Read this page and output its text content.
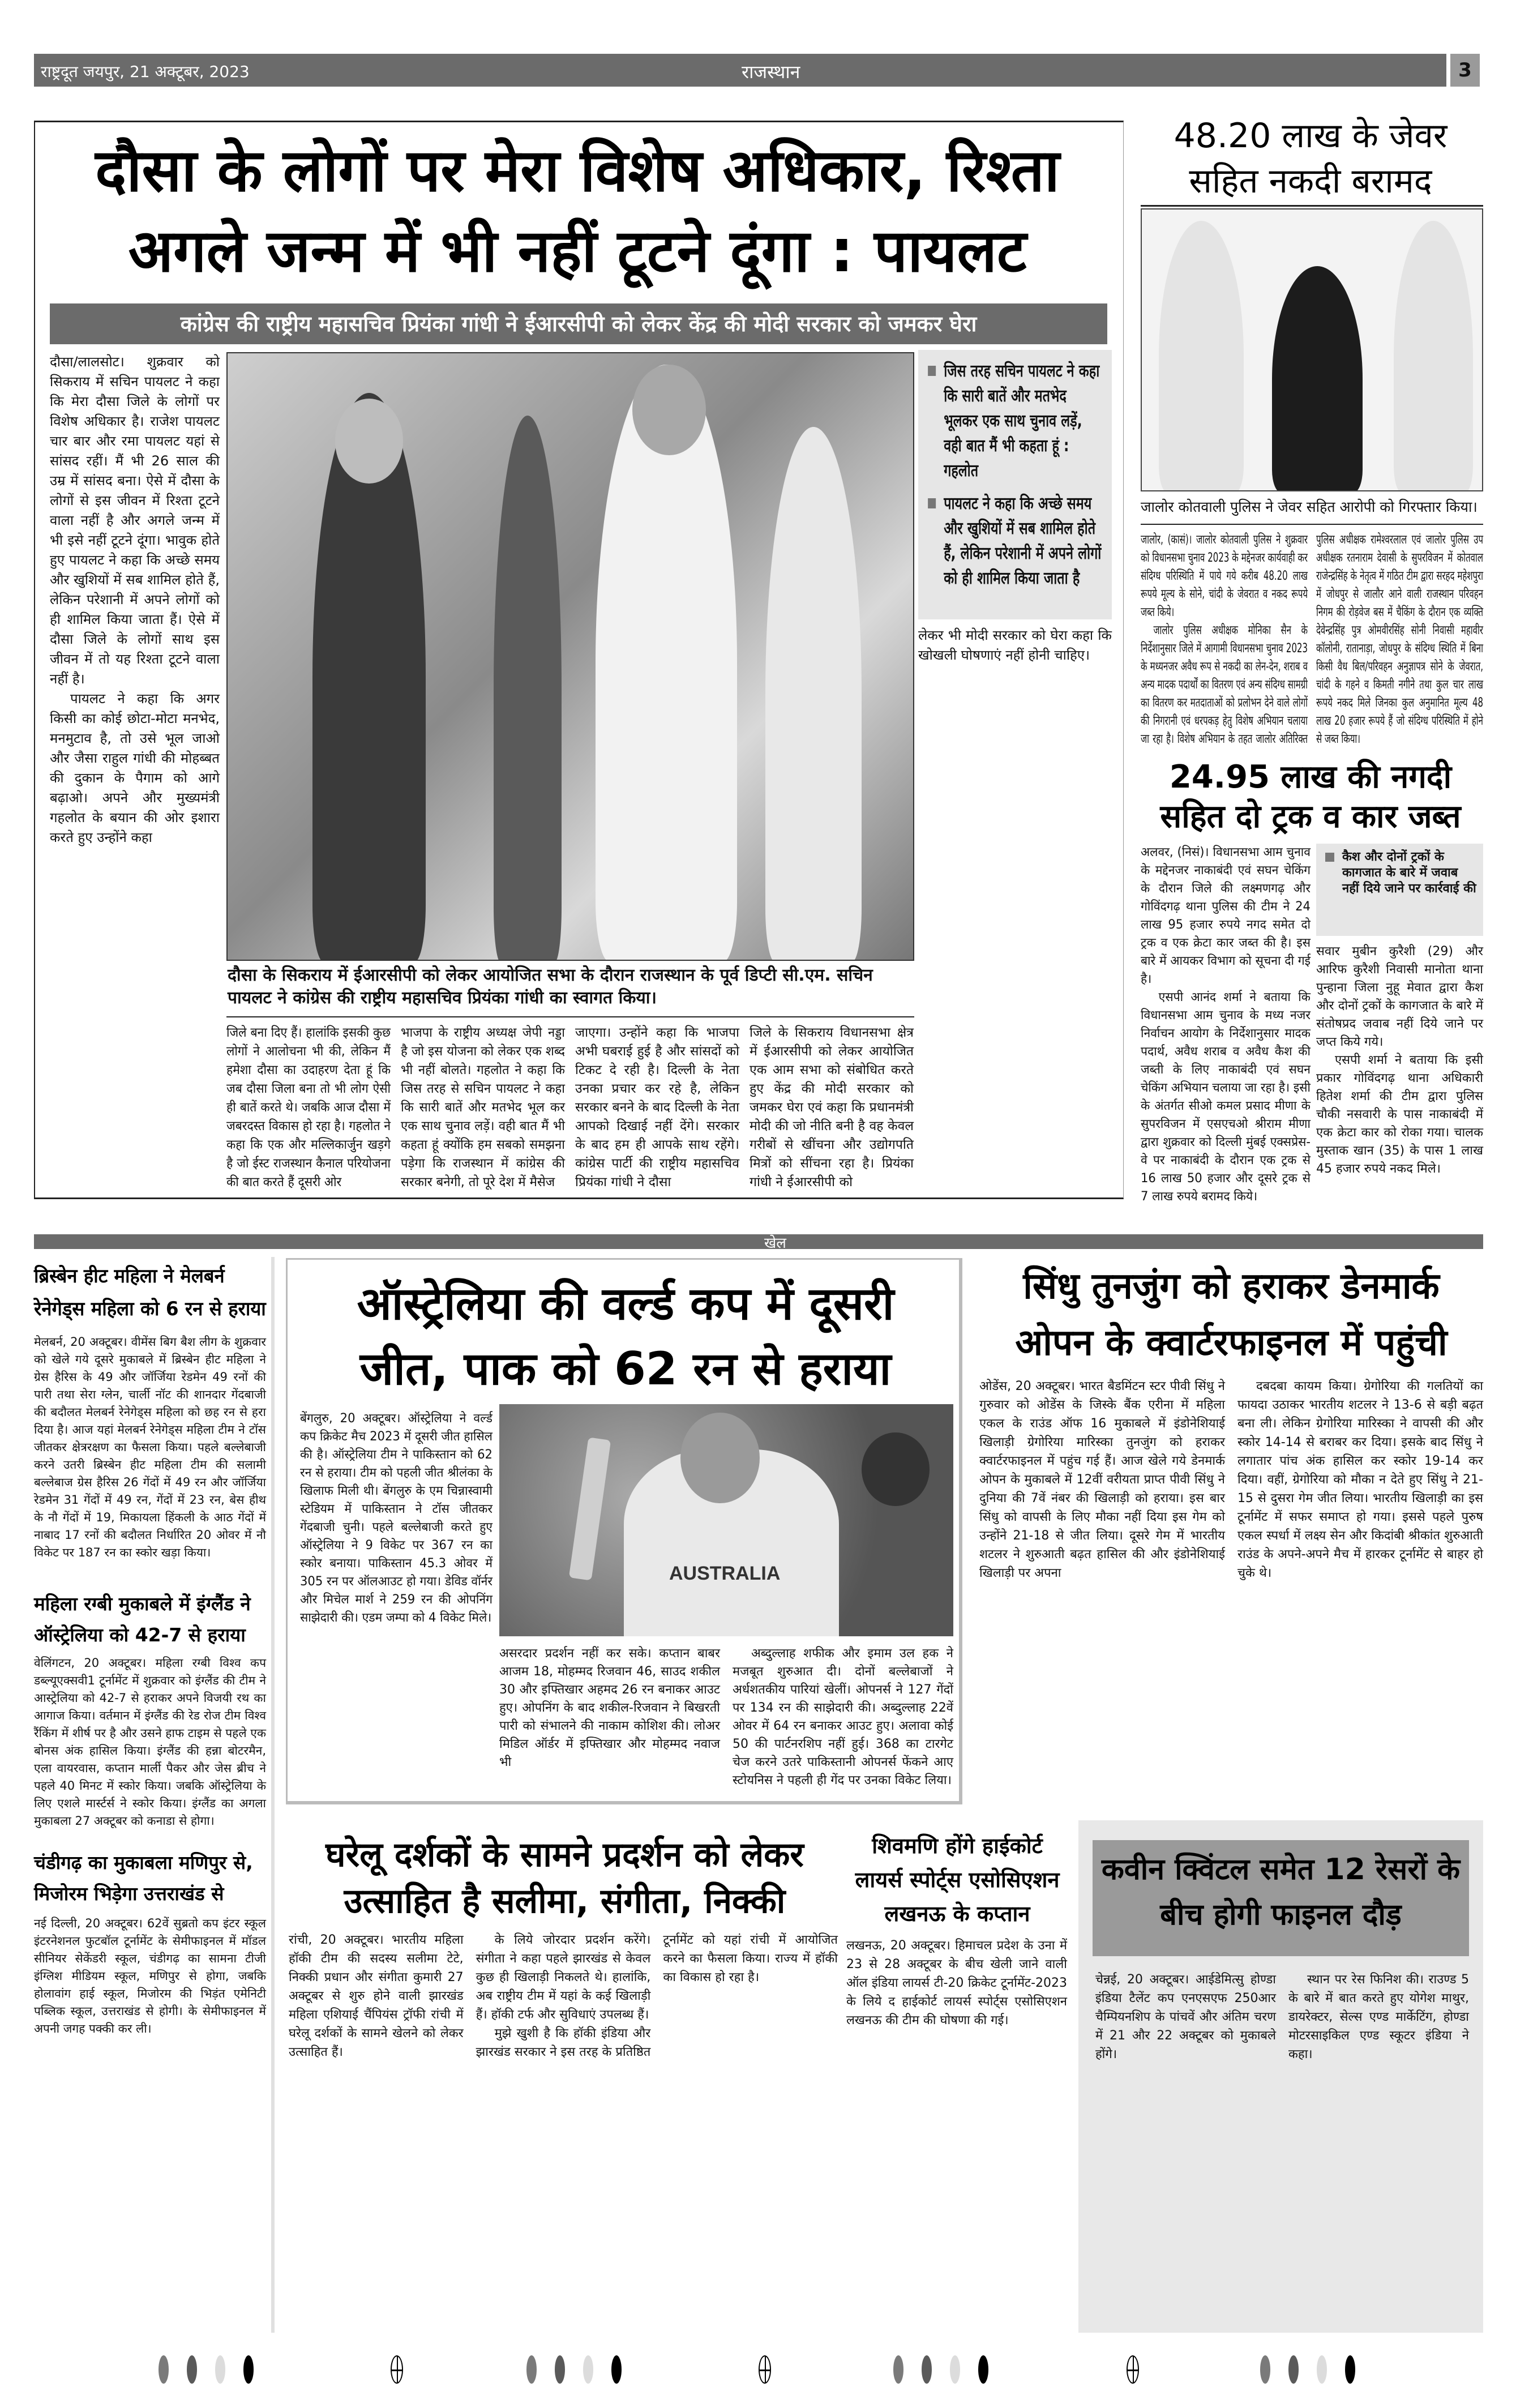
राष्ट्रदूत जयपुर, 21 अक्टूबर, 2023	राजस्थान	3
दौसा के लोगों पर मेरा विशेष अधिकार, रिश्ता अगले जन्म में भी नहीं टूटने दूंगा : पायलट
कांग्रेस की राष्ट्रीय महासचिव प्रियंका गांधी ने ईआरसीपी को लेकर केंद्र की मोदी सरकार को जमकर घेरा

दौसा/लालसोट। शुक्रवार को सिकराय में सचिन पायलट ने कहा कि मेरा दौसा जिले के लोगों पर विशेष अधिकार है। राजेश पायलट चार बार और रमा पायलट यहां से सांसद रहीं। मैं भी 26 साल की उम्र में सांसद बना। ऐसे में दौसा के लोगों से इस जीवन में रिश्ता टूटने वाला नहीं है और अगले जन्म में भी इसे नहीं टूटने दूंगा। भावुक होते हुए पायलट ने कहा कि अच्छे समय और खुशियों में सब शामिल होते हैं, लेकिन परेशानी में अपने लोगों को ही शामिल किया जाता हैं। ऐसे में दौसा जिले के लोगों साथ इस जीवन में तो यह रिश्ता टूटने वाला नहीं है।

पायलट ने कहा कि अगर किसी का कोई छोटा-मोटा मनभेद, मनमुटाव है, तो उसे भूल जाओ और जैसा राहुल गांधी की मोहब्बत की दुकान के पैगाम को आगे बढ़ाओ। अपने और मुख्यमंत्री गहलोत के बयान की ओर इशारा करते हुए उन्होंने कहा

दौसा के सिकराय में ईआरसीपी को लेकर आयोजित सभा के दौरान राजस्थान के पूर्व डिप्टी सी.एम. सचिन पायलट ने कांग्रेस की राष्ट्रीय महासचिव प्रियंका गांधी का स्वागत किया।
जिस तरह सचिन पायलट ने कहा कि सारी बातें और मतभेद भूलकर एक साथ चुनाव लड़ें, वही बात मैं भी कहता हूं : गहलोत
पायलट ने कहा कि अच्छे समय और खुशियों में सब शामिल होते हैं, लेकिन परेशानी में अपने लोगों को ही शामिल किया जाता है

लेकर भी मोदी सरकार को घेरा कहा कि खोखली घोषणाएं नहीं होनी चाहिए।

जिले बना दिए हैं। हालांकि इसकी कुछ लोगों ने आलोचना भी की, लेकिन मैं हमेशा दौसा का उदाहरण देता हूं कि जब दौसा जिला बना तो भी लोग ऐसी ही बातें करते थे। जबकि आज दौसा में जबरदस्त विकास हो रहा है। गहलोत ने कहा कि एक और मल्लिकार्जुन खड़गे है जो ईस्ट राजस्थान कैनाल परियोजना की बात करते हैं दूसरी ओर

भाजपा के राष्ट्रीय अध्यक्ष जेपी नड्डा है जो इस योजना को लेकर एक शब्द भी नहीं बोलते। गहलोत ने कहा कि जिस तरह से सचिन पायलट ने कहा कि सारी बातें और मतभेद भूल कर एक साथ चुनाव लड़ें। वही बात मैं भी कहता हूं क्योंकि हम सबको समझना पड़ेगा कि राजस्थान में कांग्रेस की सरकार बनेगी, तो पूरे देश में मैसेज

जाएगा। उन्होंने कहा कि भाजपा अभी घबराई हुई है और सांसदों को टिकट दे रही है। दिल्ली के नेता उनका प्रचार कर रहे है, लेकिन सरकार बनने के बाद दिल्ली के नेता आपको दिखाई नहीं देंगे। सरकार के बाद हम ही आपके साथ रहेंगे। कांग्रेस पार्टी की राष्ट्रीय महासचिव प्रियंका गांधी ने दौसा

जिले के सिकराय विधानसभा क्षेत्र में ईआरसीपी को लेकर आयोजित एक आम सभा को संबोधित करते हुए केंद्र की मोदी सरकार को जमकर घेरा एवं कहा कि प्रधानमंत्री मोदी की जो नीति बनी है वह केवल गरीबों से खींचना और उद्योगपति मित्रों को सींचना रहा है। प्रियंका गांधी ने ईआरसीपी को

48.20 लाख के जेवर सहित नकदी बरामद
जालोर कोतवाली पुलिस ने जेवर सहित आरोपी को गिरफ्तार किया।

जालोर, (कासं)। जालोर कोतवाली पुलिस ने शुक्रवार को विधानसभा चुनाव 2023 के मद्देनजर कार्यवाही कर संदिग्ध परिस्थिति में पाये गये करीब 48.20 लाख रूपये मूल्य के सोने, चांदी के जेवरात व नकद रूपये जब्त किये।

जालोर पुलिस अधीक्षक मोनिका सैन के निर्देशानुसार जिले में आगामी विधानसभा चुनाव 2023 के मध्यनजर अवैध रूप से नकदी का लेन-देन, शराब व अन्य मादक पदार्थों का वितरण एवं अन्य संदिग्ध सामग्री का वितरण कर मतदाताओं को प्रलोभन देने वाले लोगों की निगरानी एवं धरपकड़ हेतु विशेष अभियान चलाया जा रहा है। विशेष अभियान के तहत जालोर अतिरिक्त पुलिस अधीक्षक रामेश्वरलाल एवं जालोर पुलिस उप अधीक्षक रतनाराम देवासी के सुपरविजन में कोतवाल राजेन्द्रसिंह के नेतृत्व में गठित टीम द्वारा सरहद महेशपुरा में जोधपुर से जालौर आने वाली राजस्थान परिवहन निगम की रोड़वेज बस में चैकिंग के दौरान एक व्यक्ति देवेन्द्रसिंह पुत्र ओमवीरसिंह सोनी निवासी महावीर कॉलोनी, रातानाड़ा, जोधपुर के संदिग्ध स्थिति में बिना किसी वैध बिल/परिवहन अनुज्ञापत्र सोने के जेवरात, चांदी के गहने व किमती नगीने तथा कुल चार लाख रूपये नकद मिले जिनका कुल अनुमानित मूल्य 48 लाख 20 हजार रूपये हैं जो संदिग्ध परिस्थिति में होने से जब्त किया।

24.95 लाख की नगदी सहित दो ट्रक व कार जब्त

अलवर, (निसं)। विधानसभा आम चुनाव के मद्देनजर नाकाबंदी एवं सघन चेकिंग के दौरान जिले की लक्ष्मणगढ़ और गोविंदगढ़ थाना पुलिस की टीम ने 24 लाख 95 हजार रुपये नगद समेत दो ट्रक व एक क्रेटा कार जब्त की है। इस बारे में आयकर विभाग को सूचना दी गई है।

एसपी आनंद शर्मा ने बताया कि विधानसभा आम चुनाव के मध्य नजर निर्वाचन आयोग के निर्देशानुसार मादक पदार्थ, अवैध शराब व अवैध कैश की जब्ती के लिए नाकाबंदी एवं सघन चेकिंग अभियान चलाया जा रहा है। इसी के अंतर्गत सीओ कमल प्रसाद मीणा के सुपरविजन में एसएचओ श्रीराम मीणा द्वारा शुक्रवार को दिल्ली मुंबई एक्सप्रेस-वे पर नाकाबंदी के दौरान एक ट्रक से 16 लाख 50 हजार और दूसरे ट्रक से 7 लाख रुपये बरामद किये।

कैश और दोनों ट्रकों के कागजात के बारे में जवाब नहीं दिये जाने पर कार्रवाई की

सवार मुबीन कुरैशी (29) और आरिफ कुरैशी निवासी मानोता थाना पुन्हाना जिला नुहू मेवात द्वारा कैश और दोनों ट्रकों के कागजात के बारे में संतोषप्रद जवाब नहीं दिये जाने पर जप्त किये गये।

एसपी शर्मा ने बताया कि इसी प्रकार गोविंदगढ़ थाना अधिकारी हितेश शर्मा की टीम द्वारा पुलिस चौकी नसवारी के पास नाकाबंदी में एक क्रेटा कार को रोका गया। चालक मुस्ताक खान (35) के पास 1 लाख 45 हजार रुपये नकद मिले।

खेल
ब्रिस्बेन हीट महिला ने मेलबर्न रेनेगेड्स महिला को 6 रन से हराया

मेलबर्न, 20 अक्टूबर। वीमेंस बिग बैश लीग के शुक्रवार को खेले गये दूसरे मुकाबले में ब्रिस्बेन हीट महिला ने ग्रेस हैरिस के 49 और जॉर्जिया रेडमेन 49 रनों की पारी तथा सेरा ग्लेन, चार्ली नॉट की शानदार गेंदबाजी की बदौलत मेलबर्न रेनेगेड्स महिला को छह रन से हरा दिया है। आज यहां मेलबर्न रेनेगेड्स महिला टीम ने टॉस जीतकर क्षेत्ररक्षण का फैसला किया। पहले बल्लेबाजी करने उतरी ब्रिस्बेन हीट महिला टीम की सलामी बल्लेबाज ग्रेस हैरिस 26 गेंदों में 49 रन और जॉर्जिया रेडमेन 31 गेंदों में 49 रन, गेंदों में 23 रन, बेस हीथ के नौ गेंदों में 19, मिकायला हिंकली के आठ गेंदों में नाबाद 17 रनों की बदौलत निर्धारित 20 ओवर में नौ विकेट पर 187 रन का स्कोर खड़ा किया।

महिला रग्बी मुकाबले में इंग्लैंड ने ऑस्ट्रेलिया को 42-7 से हराया

वेलिंगटन, 20 अक्टूबर। महिला रग्बी विश्व कप डब्ल्यूएक्सवी1 टूर्नामेंट में शुक्रवार को इंग्लैंड की टीम ने आस्ट्रेलिया को 42-7 से हराकर अपने विजयी रथ का आगाज किया। वर्तमान में इंग्लैंड की रेड रोज टीम विश्व रैंकिंग में शीर्ष पर है और उसने हाफ टाइम से पहले एक बोनस अंक हासिल किया। इंग्लैंड की हन्ना बोटरमैन, एला वायरवास, कप्तान मार्ली पैकर और जेस ब्रीच ने पहले 40 मिनट में स्कोर किया। जबकि ऑस्ट्रेलिया के लिए एशले मार्स्टर्स ने स्कोर किया। इंग्लैंड का अगला मुकाबला 27 अक्टूबर को कनाडा से होगा।

चंडीगढ़ का मुकाबला मणिपुर से, मिजोरम भिड़ेगा उत्तराखंड से

नई दिल्ली, 20 अक्टूबर। 62वें सुब्रतो कप इंटर स्कूल इंटरनेशनल फुटबॉल टूर्नामेंट के सेमीफाइनल में मॉडल सीनियर सेकेंडरी स्कूल, चंडीगढ़ का सामना टीजी इंग्लिश मीडियम स्कूल, मणिपुर से होगा, जबकि होलावांग हाई स्कूल, मिजोरम की भिड़ंत एमेनिटी पब्लिक स्कूल, उत्तराखंड से होगी। के सेमीफाइनल में अपनी जगह पक्की कर ली।

ऑस्ट्रेलिया की वर्ल्ड कप में दूसरी जीत, पाक को 62 रन से हराया

बेंगलुरु, 20 अक्टूबर। ऑस्ट्रेलिया ने वर्ल्ड कप क्रिकेट मैच 2023 में दूसरी जीत हासिल की है। ऑस्ट्रेलिया टीम ने पाकिस्तान को 62 रन से हराया। टीम को पहली जीत श्रीलंका के खिलाफ मिली थी। बेंगलुरु के एम चिन्नास्वामी स्टेडियम में पाकिस्तान ने टॉस जीतकर गेंदबाजी चुनी। पहले बल्लेबाजी करते हुए ऑस्ट्रेलिया ने 9 विकेट पर 367 रन का स्कोर बनाया। पाकिस्तान 45.3 ओवर में 305 रन पर ऑलआउट हो गया। डेविड वॉर्नर और मिचेल मार्श ने 259 रन की ओपनिंग साझेदारी की। एडम जम्पा को 4 विकेट मिले।

AUSTRALIA

असरदार प्रदर्शन नहीं कर सके। कप्तान बाबर आजम 18, मोहम्मद रिजवान 46, साउद शकील 30 और इफ्तिखार अहमद 26 रन बनाकर आउट हुए। ओपनिंग के बाद शकील-रिजवान ने बिखरती पारी को संभालने की नाकाम कोशिश की। लोअर मिडिल ऑर्डर में इफ्तिखार और मोहम्मद नवाज भी

अब्दुल्लाह शफीक और इमाम उल हक ने मजबूत शुरुआत दी। दोनों बल्लेबाजों ने अर्धशतकीय पारियां खेलीं। ओपनर्स ने 127 गेंदों पर 134 रन की साझेदारी की। अब्दुल्लाह 22वें ओवर में 64 रन बनाकर आउट हुए। अलावा कोई 50 की पार्टनरशिप नहीं हुई। 368 का टारगेट चेज करने उतरे पाकिस्तानी ओपनर्स फेंकने आए स्टोयनिस ने पहली ही गेंद पर उनका विकेट लिया।

सिंधु तुनजुंग को हराकर डेनमार्क ओपन के क्वार्टरफाइनल में पहुंची

ओडेंस, 20 अक्टूबर। भारत बैडमिंटन स्टर पीवी सिंधु ने गुरुवार को ओडेंस के जिस्के बैंक एरीना में महिला एकल के राउंड ऑफ 16 मुकाबले में इंडोनेशियाई खिलाड़ी ग्रेगोरिया मारिस्का तुनजुंग को हराकर क्वार्टरफाइनल में पहुंच गई हैं। आज खेले गये डेनमार्क ओपन के मुकाबले में 12वीं वरीयता प्राप्त पीवी सिंधु ने दुनिया की 7वें नंबर की खिलाड़ी को हराया। इस बार सिंधु को वापसी के लिए मौका नहीं दिया इस गेम को उन्होंने 21-18 से जीत लिया। दूसरे गेम में भारतीय शटलर ने शुरुआती बढ़त हासिल की और इंडोनेशियाई खिलाड़ी पर अपना

दबदबा कायम किया। ग्रेगोरिया की गलतियों का फायदा उठाकर भारतीय शटलर ने 13-6 से बड़ी बढ़त बना ली। लेकिन ग्रेगोरिया मारिस्का ने वापसी की और स्कोर 14-14 से बराबर कर दिया। इसके बाद सिंधु ने लगातार पांच अंक हासिल कर स्कोर 19-14 कर दिया। वहीं, ग्रेगोरिया को मौका न देते हुए सिंधु ने 21-15 से दुसरा गेम जीत लिया। भारतीय खिलाड़ी का इस टूर्नामेंट में सफर समाप्त हो गया। इससे पहले पुरुष एकल स्पर्धा में लक्ष्य सेन और किदांबी श्रीकांत शुरुआती राउंड के अपने-अपने मैच में हारकर टूर्नामेंट से बाहर हो चुके थे।

घरेलू दर्शकों के सामने प्रदर्शन को लेकर उत्साहित है सलीमा, संगीता, निक्की

रांची, 20 अक्टूबर। भारतीय महिला हॉकी टीम की सदस्य सलीमा टेटे, निक्की प्रधान और संगीता कुमारी 27 अक्टूबर से शुरु होने वाली झारखंड महिला एशियाई चैंपियंस ट्रॉफी रांची में घरेलू दर्शकों के सामने खेलने को लेकर उत्साहित हैं।

के लिये जोरदार प्रदर्शन करेंगे। संगीता ने कहा पहले झारखंड से केवल कुछ ही खिलाड़ी निकलते थे। हालांकि, अब राष्ट्रीय टीम में यहां के कई खिलाड़ी हैं। हॉकी टर्फ और सुविधाएं उपलब्ध हैं।

मुझे खुशी है कि हॉकी इंडिया और झारखंड सरकार ने इस तरह के प्रतिष्ठित टूर्नामेंट को यहां रांची में आयोजित करने का फैसला किया। राज्य में हॉकी का विकास हो रहा है।

शिवमणि होंगे हाईकोर्ट लायर्स स्पोर्ट्स एसोसिएशन लखनऊ के कप्तान

लखनऊ, 20 अक्टूबर। हिमाचल प्रदेश के उना में 23 से 28 अक्टूबर के बीच खेली जाने वाली ऑल इंडिया लायर्स टी-20 क्रिकेट टूर्नामेंट-2023 के लिये द हाईकोर्ट लायर्स स्पोर्ट्स एसोसिएशन लखनऊ की टीम की घोषणा की गई।

कवीन क्विंटल समेत 12 रेसरों के बीच होगी फाइनल दौड़

चेन्नई, 20 अक्टूबर। आईडेमित्सु होण्डा इंडिया टैलेंट कप एनएसएफ 250आर चैम्पियनशिप के पांचवें और अंतिम चरण में 21 और 22 अक्टूबर को मुकाबले होंगे।

स्थान पर रेस फिनिश की। राउण्ड 5 के बारे में बात करते हुए योगेश माथुर, डायरेक्टर, सेल्स एण्ड मार्केटिंग, होण्डा मोटरसाइकिल एण्ड स्कूटर इंडिया ने कहा।
